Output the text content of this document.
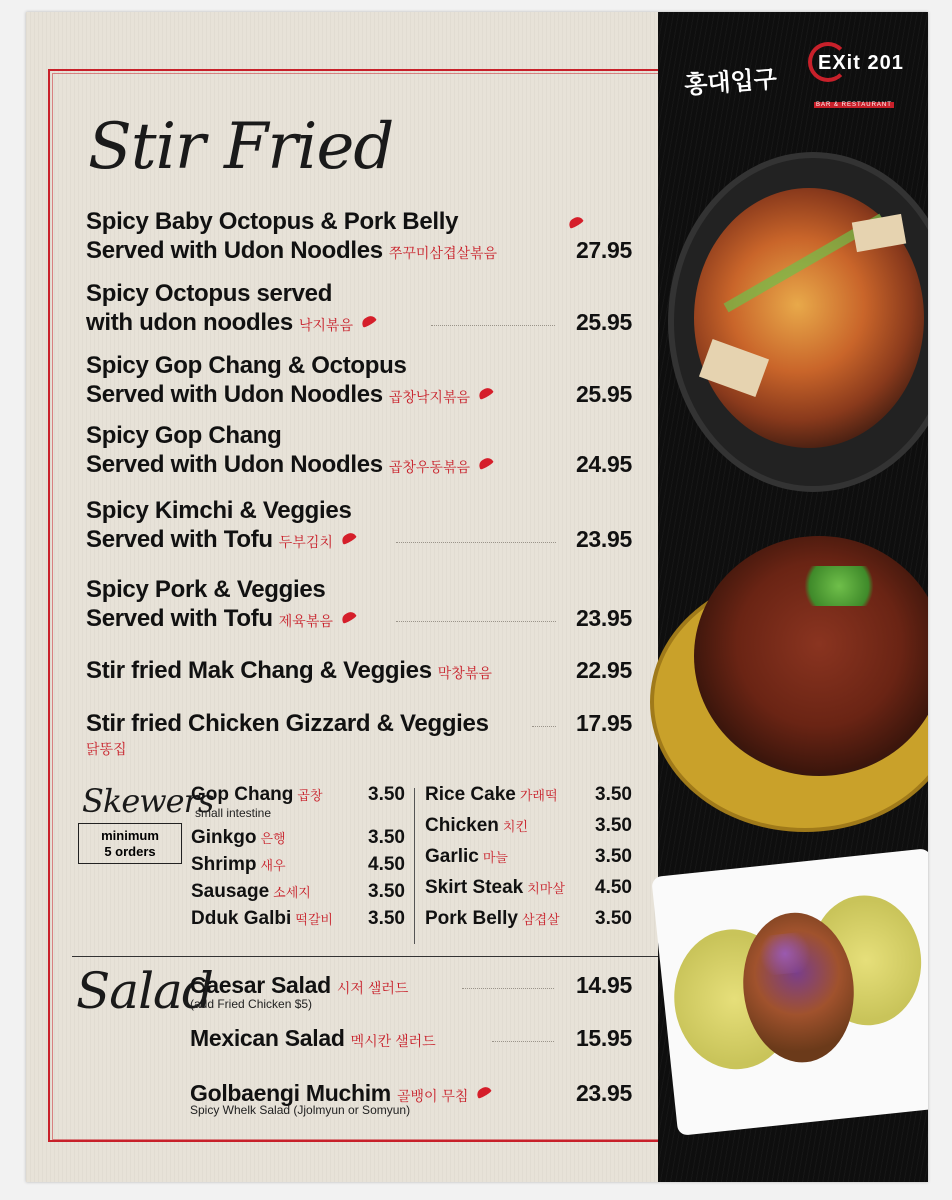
Stir Fried
Spicy Baby Octopus & Pork Belly
Served with Udon Noodles 쭈꾸미삼겹살볶음	27.95
Spicy Octopus served
with udon noodles 낙지볶음	25.95
Spicy Gop Chang & Octopus
Served with Udon Noodles 곱창낙지볶음	25.95
Spicy Gop Chang
Served with Udon Noodles 곱창우동볶음	24.95
Spicy Kimchi & Veggies
Served with Tofu 두부김치	23.95
Spicy Pork & Veggies
Served with Tofu 제육볶음	23.95
Stir fried Mak Chang & Veggies 막창볶음	22.95
Stir fried Chicken Gizzard & Veggies	17.95
닭똥집
Skewers
minimum
5 orders
Gop Chang 곱창 3.50
small intestine
Ginkgo 은행	3.50
Shrimp 새우	4.50
Sausage 소세지	3.50
Dduk Galbi 떡갈비 3.50
Rice Cake 가래떡 3.50
Chicken 치킨	3.50
Garlic 마늘	3.50
Skirt Steak 치마살 4.50
Pork Belly 삼겹살 3.50
Salad
Caesar Salad 시저 샐러드	14.95
(add Fried Chicken $5)
Mexican Salad 멕시칸 샐러드	15.95
Golbaengi Muchim 골뱅이 무침	23.95
Spicy Whelk Salad (Jjolmyun or Somyun)
홍대입구
EXit 201
BAR & RESTAURANT
